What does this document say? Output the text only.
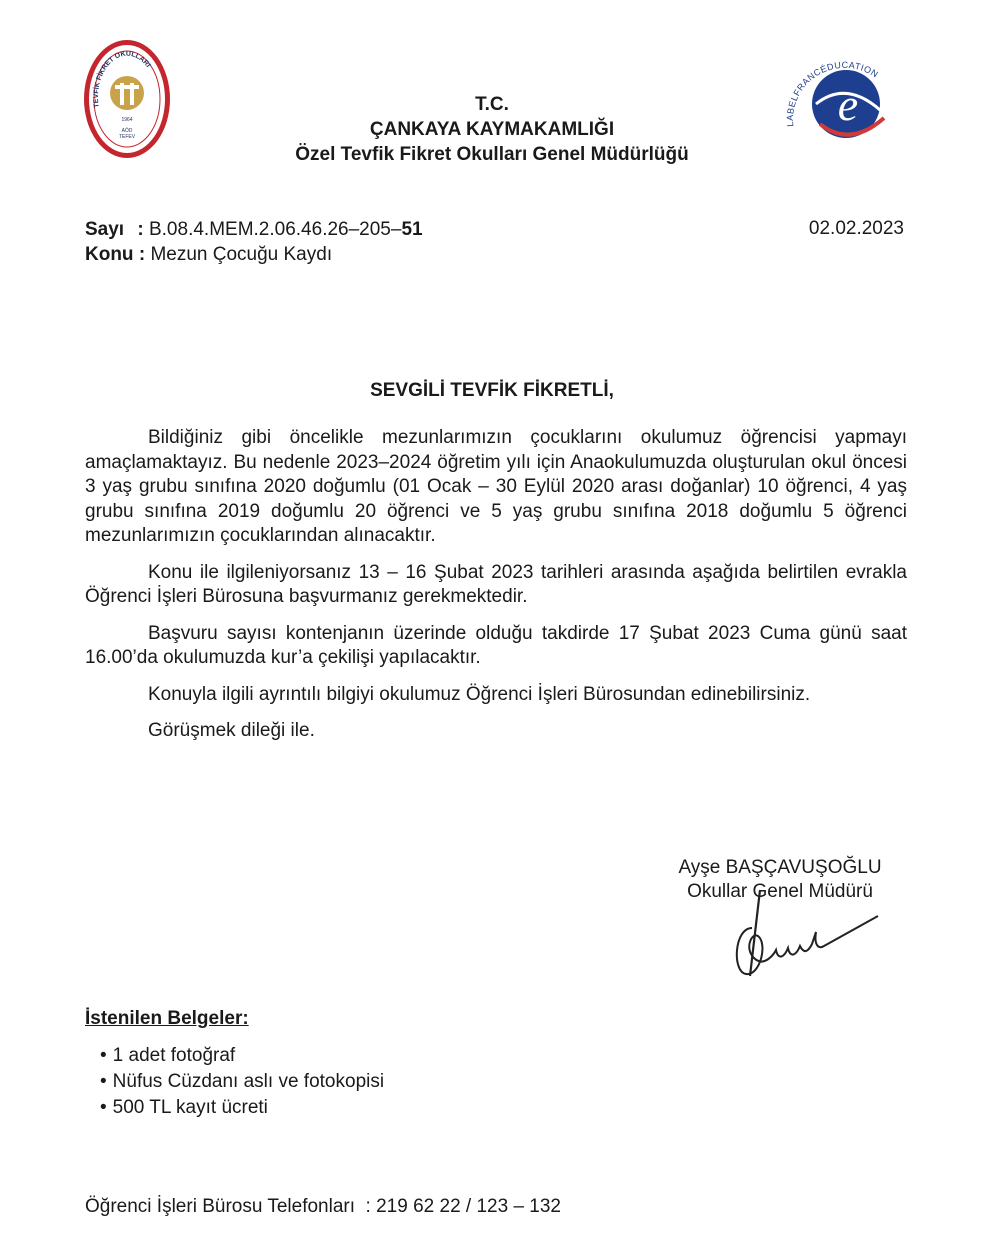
1964
AÖD
TEFEV
TEVFİK FİKRET OKULLARI
e
LABELFRANCÉDUCATION
T.C.
ÇANKAYA KAYMAKAMLIĞI
Özel Tevfik Fikret Okulları Genel Müdürlüğü
Sayı : B.08.4.MEM.2.06.46.26–205–51
Konu : Mezun Çocuğu Kaydı
02.02.2023
SEVGİLİ TEVFİK FİKRETLİ,

Bildiğiniz gibi öncelikle mezunlarımızın çocuklarını okulumuz öğrencisi yapmayı amaçlamaktayız. Bu nedenle 2023–2024 öğretim yılı için Anaokulumuzda oluşturulan okul öncesi 3 yaş grubu sınıfına 2020 doğumlu (01 Ocak – 30 Eylül 2020 arası doğanlar) 10 öğrenci, 4 yaş grubu sınıfına 2019 doğumlu 20 öğrenci ve 5 yaş grubu sınıfına 2018 doğumlu 5 öğrenci mezunlarımızın çocuklarından alınacaktır.

Konu ile ilgileniyorsanız 13 – 16 Şubat 2023 tarihleri arasında aşağıda belirtilen evrakla Öğrenci İşleri Bürosuna başvurmanız gerekmektedir.

Başvuru sayısı kontenjanın üzerinde olduğu takdirde 17 Şubat 2023 Cuma günü saat 16.00’da okulumuzda kur’a çekilişi yapılacaktır.

Konuyla ilgili ayrıntılı bilgiyi okulumuz Öğrenci İşleri Bürosundan edinebilirsiniz.

Görüşmek dileği ile.

Ayşe BAŞÇAVUŞOĞLU
Okullar Genel Müdürü
İstenilen Belgeler:
• 1 adet fotoğraf
• Nüfus Cüzdanı aslı ve fotokopisi
• 500 TL kayıt ücreti
Öğrenci İşleri Bürosu Telefonları  : 219 62 22 / 123 – 132
